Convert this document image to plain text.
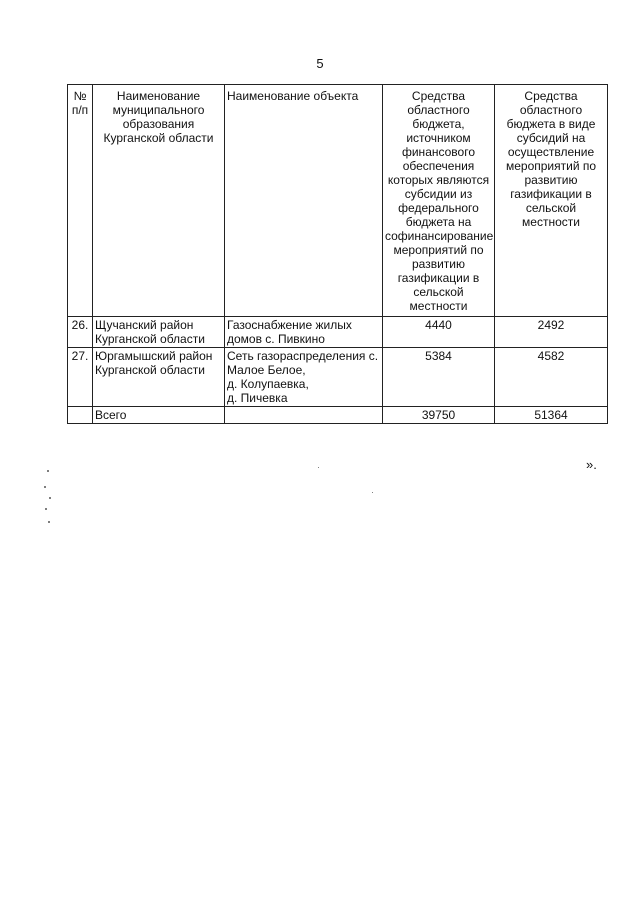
5
№ п/п	Наименование муниципального образования Курганской области	Наименование объекта	Средства областного бюджета, источником финансового обеспечения которых являются субсидии из федерального бюджета на софинансирование мероприятий по развитию газификации в сельской местности	Средства областного бюджета в виде субсидий на осуществление мероприятий по развитию газификации в сельской местности
26.	Щучанский район Курганской области	Газоснабжение жилых домов с. Пивкино	4440	2492
27.	Юргамышский район Курганской области	Сеть газораспределения с. Малое Белое,
д. Колупаевка,
д. Пичевка	5384	4582
	Всего		39750	51364
».
